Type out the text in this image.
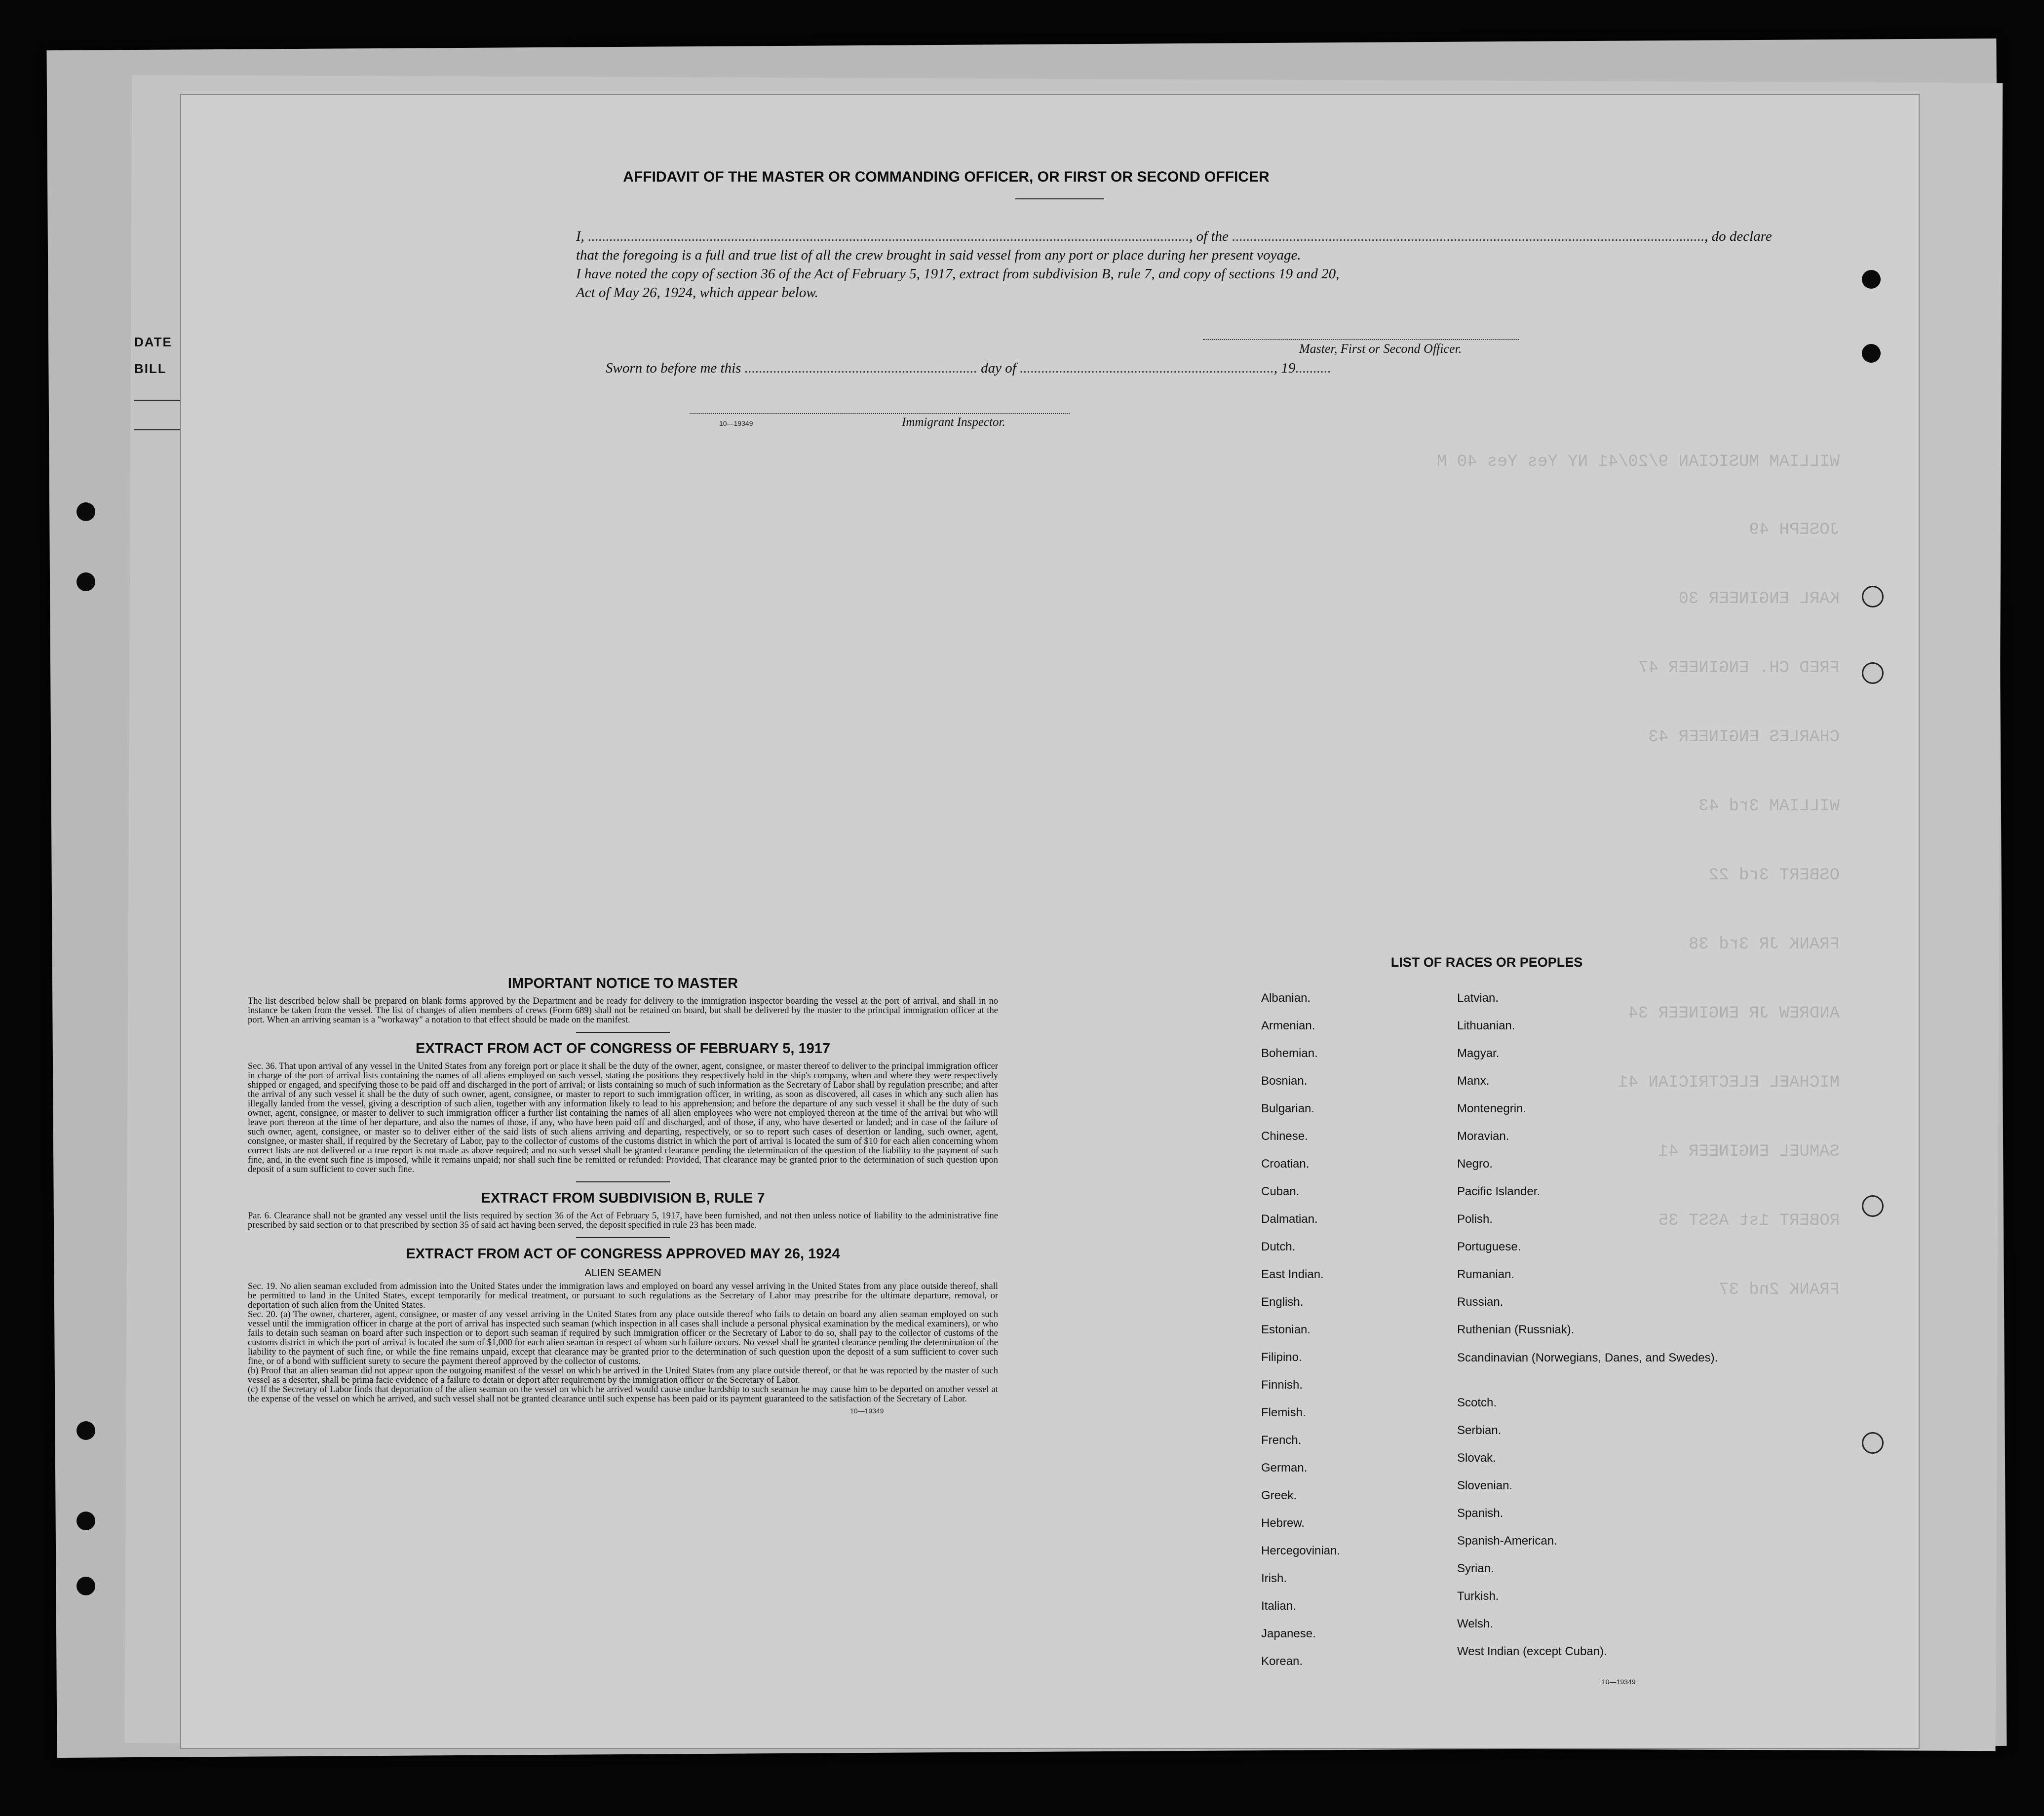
DATE
BILL
WILLIAM MUSICIAN 9/20/41 NY Yes Yes 40 M
JOSEPH 49
KARL ENGINEER 30
FRED CH. ENGINEER 47
CHARLES ENGINEER 43
WILLIAM 3rd 43
OSBERT 3rd 22
FRANK JR 3rd 38
ANDREW JR ENGINEER 34
MICHAEL ELECTRICIAN 41
SAMUEL ENGINEER 41
ROBERT 1st ASST 35
FRANK 2nd 37
AFFIDAVIT OF THE MASTER OR COMMANDING OFFICER, OR FIRST OR SECOND OFFICER
I, ........................................................................................................................................................................, of the ...................................................................................................................................., do declare
that the foregoing is a full and true list of all the crew brought in said vessel from any port or place during her present voyage.
I have noted the copy of section 36 of the Act of February 5, 1917, extract from subdivision B, rule 7, and copy of sections 19 and 20,
Act of May 26, 1924, which appear below.
Master, First or Second Officer.
Sworn to before me this ................................................................. day of ......................................................................., 19..........
10—19349	Immigrant Inspector.
IMPORTANT NOTICE TO MASTER

The list described below shall be prepared on blank forms approved by the Department and be ready for delivery to the immigration inspector boarding the vessel at the port of arrival, and shall in no instance be taken from the vessel. The list of changes of alien members of crews (Form 689) shall not be retained on board, but shall be delivered by the master to the principal immigration officer at the port. When an arriving seaman is a "workaway" a notation to that effect should be made on the manifest.

EXTRACT FROM ACT OF CONGRESS OF FEBRUARY 5, 1917

Sec. 36. That upon arrival of any vessel in the United States from any foreign port or place it shall be the duty of the owner, agent, consignee, or master thereof to deliver to the principal immigration officer in charge of the port of arrival lists containing the names of all aliens employed on such vessel, stating the positions they respectively hold in the ship's company, when and where they were respectively shipped or engaged, and specifying those to be paid off and discharged in the port of arrival; or lists containing so much of such information as the Secretary of Labor shall by regulation prescribe; and after the arrival of any such vessel it shall be the duty of such owner, agent, consignee, or master to report to such immigration officer, in writing, as soon as discovered, all cases in which any such alien has illegally landed from the vessel, giving a description of such alien, together with any information likely to lead to his apprehension; and before the departure of any such vessel it shall be the duty of such owner, agent, consignee, or master to deliver to such immigration officer a further list containing the names of all alien employees who were not employed thereon at the time of the arrival but who will leave port thereon at the time of her departure, and also the names of those, if any, who have been paid off and discharged, and of those, if any, who have deserted or landed; and in case of the failure of such owner, agent, consignee, or master so to deliver either of the said lists of such aliens arriving and departing, respectively, or so to report such cases of desertion or landing, such owner, agent, consignee, or master shall, if required by the Secretary of Labor, pay to the collector of customs of the customs district in which the port of arrival is located the sum of $10 for each alien concerning whom correct lists are not delivered or a true report is not made as above required; and no such vessel shall be granted clearance pending the determination of the question of the liability to the payment of such fine, and, in the event such fine is imposed, while it remains unpaid; nor shall such fine be remitted or refunded: Provided, That clearance may be granted prior to the determination of such question upon deposit of a sum sufficient to cover such fine.

EXTRACT FROM SUBDIVISION B, RULE 7

Par. 6. Clearance shall not be granted any vessel until the lists required by section 36 of the Act of February 5, 1917, have been furnished, and not then unless notice of liability to the administrative fine prescribed by said section or to that prescribed by section 35 of said act having been served, the deposit specified in rule 23 has been made.

EXTRACT FROM ACT OF CONGRESS APPROVED MAY 26, 1924
ALIEN SEAMEN

Sec. 19. No alien seaman excluded from admission into the United States under the immigration laws and employed on board any vessel arriving in the United States from any place outside thereof, shall be permitted to land in the United States, except temporarily for medical treatment, or pursuant to such regulations as the Secretary of Labor may prescribe for the ultimate departure, removal, or deportation of such alien from the United States.

Sec. 20. (a) The owner, charterer, agent, consignee, or master of any vessel arriving in the United States from any place outside thereof who fails to detain on board any alien seaman employed on such vessel until the immigration officer in charge at the port of arrival has inspected such seaman (which inspection in all cases shall include a personal physical examination by the medical examiners), or who fails to detain such seaman on board after such inspection or to deport such seaman if required by such immigration officer or the Secretary of Labor to do so, shall pay to the collector of customs of the customs district in which the port of arrival is located the sum of $1,000 for each alien seaman in respect of whom such failure occurs. No vessel shall be granted clearance pending the determination of the liability to the payment of such fine, or while the fine remains unpaid, except that clearance may be granted prior to the determination of such question upon the deposit of a sum sufficient to cover such fine, or of a bond with sufficient surety to secure the payment thereof approved by the collector of customs.

(b) Proof that an alien seaman did not appear upon the outgoing manifest of the vessel on which he arrived in the United States from any place outside thereof, or that he was reported by the master of such vessel as a deserter, shall be prima facie evidence of a failure to detain or deport after requirement by the immigration officer or the Secretary of Labor.

(c) If the Secretary of Labor finds that deportation of the alien seaman on the vessel on which he arrived would cause undue hardship to such seaman he may cause him to be deported on another vessel at the expense of the vessel on which he arrived, and such vessel shall not be granted clearance until such expense has been paid or its payment guaranteed to the satisfaction of the Secretary of Labor.

10—19349
LIST OF RACES OR PEOPLES
Albanian.
Armenian.
Bohemian.
Bosnian.
Bulgarian.
Chinese.
Croatian.
Cuban.
Dalmatian.
Dutch.
East Indian.
English.
Estonian.
Filipino.
Finnish.
Flemish.
French.
German.
Greek.
Hebrew.
Hercegovinian.
Irish.
Italian.
Japanese.
Korean.
Latvian.
Lithuanian.
Magyar.
Manx.
Montenegrin.
Moravian.
Negro.
Pacific Islander.
Polish.
Portuguese.
Rumanian.
Russian.
Ruthenian (Russniak).
Scandinavian (Norwegians, Danes, and Swedes).
Scotch.
Serbian.
Slovak.
Slovenian.
Spanish.
Spanish-American.
Syrian.
Turkish.
Welsh.
West Indian (except Cuban).
10—19349
